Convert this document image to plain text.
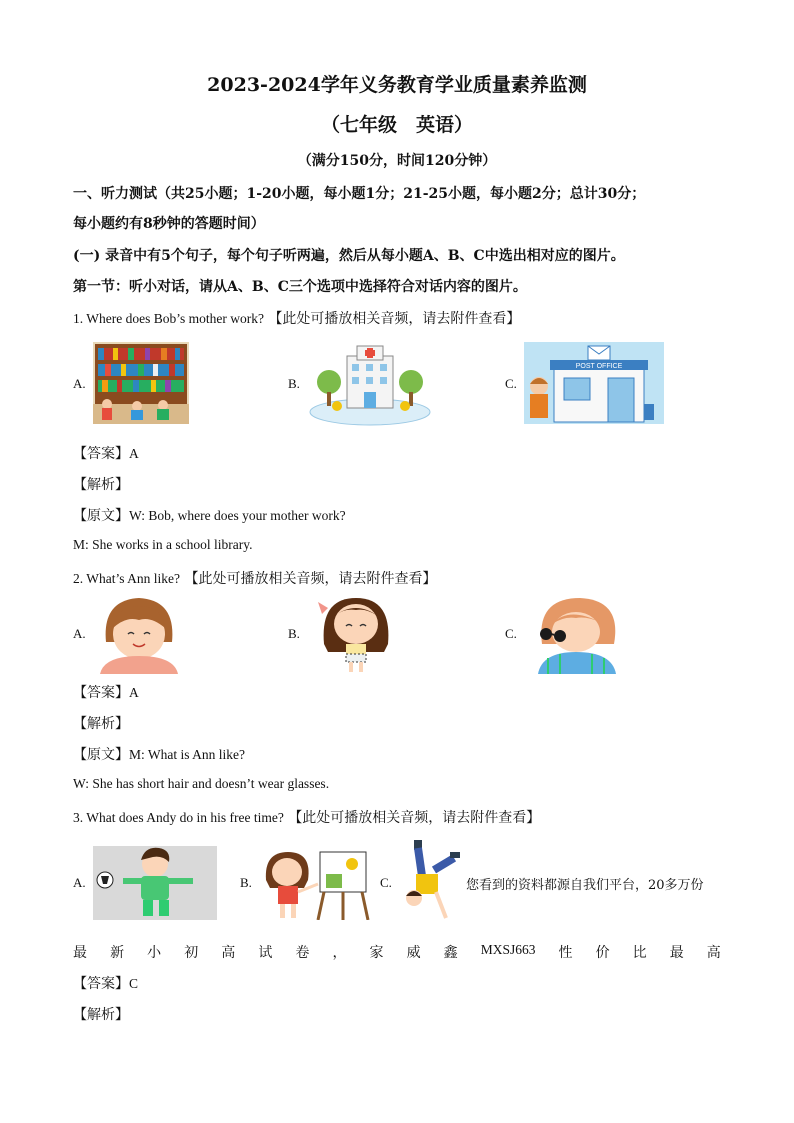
2023-2024学年义务教育学业质量素养监测
（七年级　英语）
（满分150分，时间120分钟）
一、听力测试（共25小题；1-20小题，每小题1分；21-25小题，每小题2分；总计30分；
每小题约有8秒钟的答题时间）
(一) 录音中有5个句子，每个句子听两遍，然后从每小题A、B、C中选出相对应的图片。
第一节：听小对话，请从A、B、C三个选项中选择符合对话内容的图片。
1. Where does Bob’s mother work? 【此处可播放相关音频，请去附件查看】
A.	B.	C.
POST OFFICE
【答案】A
【解析】
【原文】W: Bob, where does your mother work?
M: She works in a school library.
2. What’s Ann like? 【此处可播放相关音频，请去附件查看】
A.	B.	C.
【答案】A
【解析】
【原文】M: What is Ann like?
W: She has short hair and doesn’t wear glasses.
3. What does Andy do in his free time? 【此处可播放相关音频，请去附件查看】
A.	B.	C.	您看到的资料都源自我们平台，20多万份
最 新 小 初 高 试 卷 ， 家 威 鑫 MXSJ663 性 价 比 最 高
【答案】C
【解析】
